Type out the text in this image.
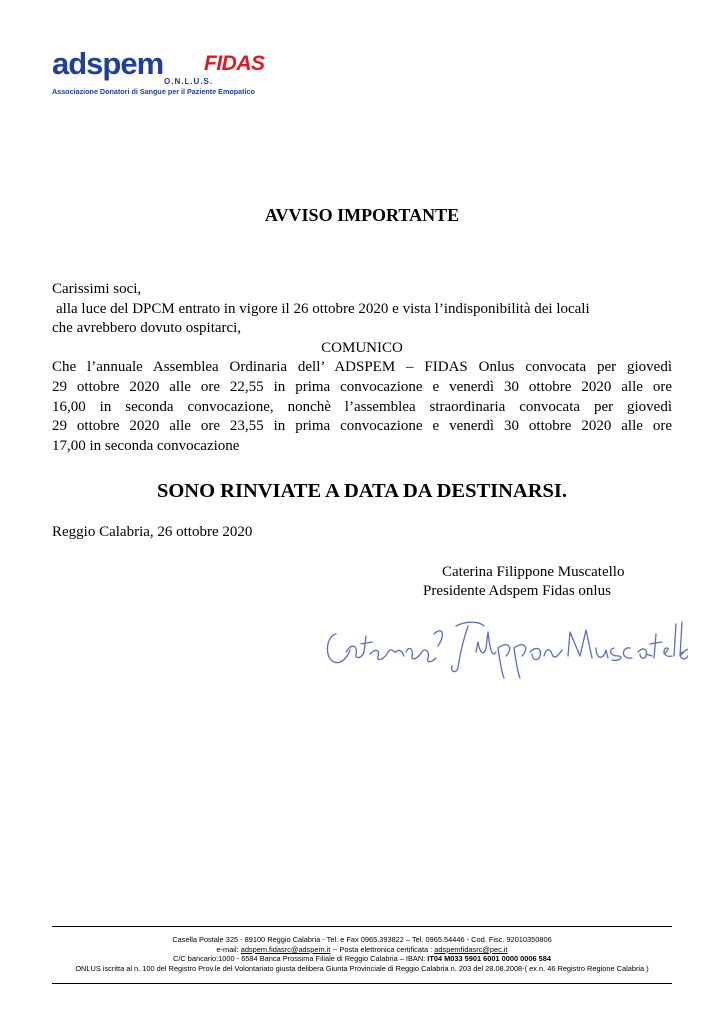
adspem FIDAS
O.N.L.U.S.
Associazione Donatori di Sangue per il Paziente Emopatico
AVVISO IMPORTANTE
Carissimi soci,
alla luce del DPCM entrato in vigore il 26 ottobre 2020 e vista l’indisponibilità dei locali
che avrebbero dovuto ospitarci,
COMUNICO
Che l’annuale Assemblea Ordinaria dell’ ADSPEM – FIDAS Onlus convocata per giovedì
29 ottobre 2020 alle ore 22,55 in prima convocazione e venerdì 30 ottobre 2020 alle ore
16,00 in seconda convocazione, nonchè l’assemblea straordinaria convocata per giovedì
29 ottobre 2020 alle ore 23,55 in prima convocazione e venerdì 30 ottobre 2020 alle ore
17,00 in seconda convocazione
SONO RINVIATE A DATA DA DESTINARSI.
Reggio Calabria, 26 ottobre 2020
Caterina Filippone Muscatello
Presidente Adspem Fidas onlus
Casella Postale 325 - 89100 Reggio Calabria - Tel. e Fax 0965.393822 – Tel. 0965.54446 - Cod. Fisc. 92010350806
e-mail: adspem.fidasrc@adspem.it -- Posta elettronica certificata : adspemfidasrc@pec.it
C/C bancario:1000 - 6584 Banca Prossima Filiale di Reggio Calabria – IBAN: IT04 M033 5901 6001 0000 0006 584
ONLUS iscritta al n. 100 del Registro Prov.le del Volontariato giusta delibera Giunta Provinciale di Reggio Calabria n. 203 del 28.08.2008-( ex n. 46 Registro Regione Calabria )
